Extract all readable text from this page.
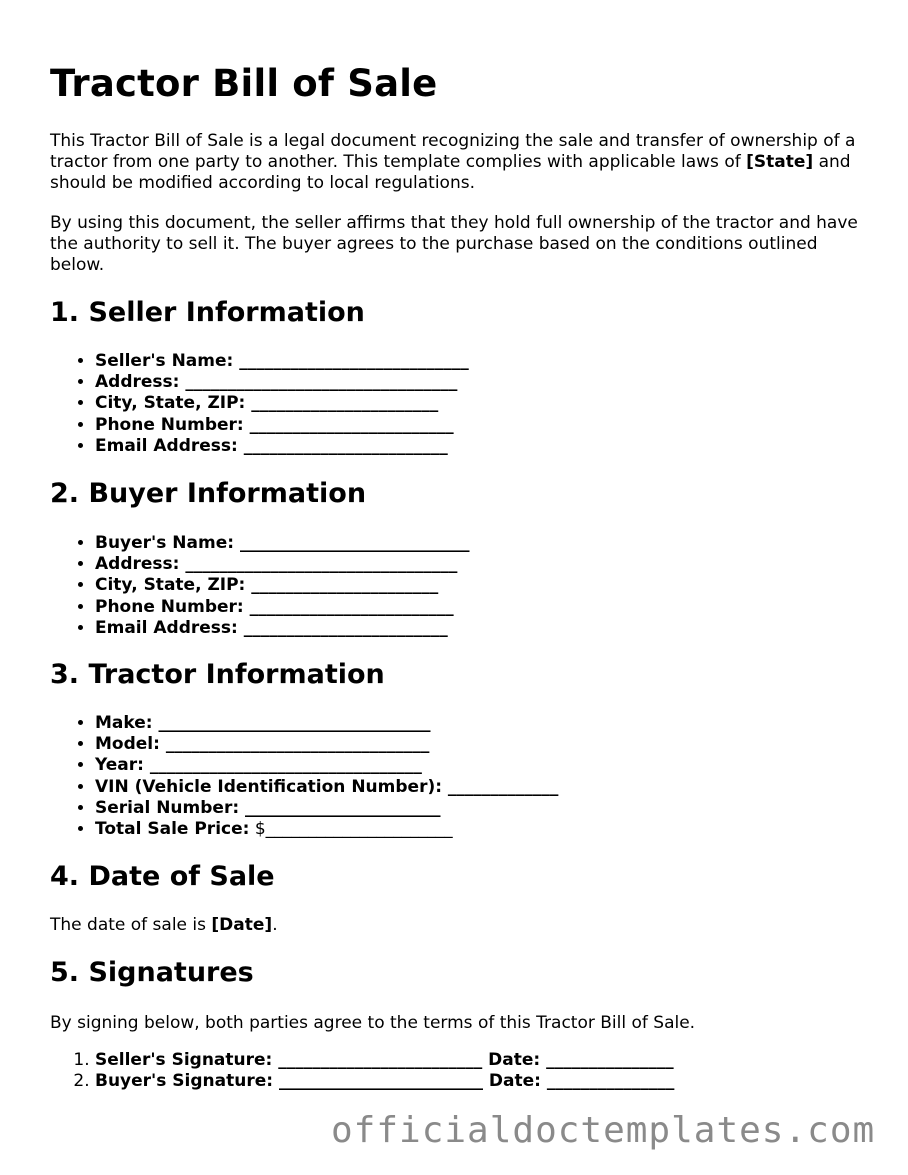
Tractor Bill of Sale

This Tractor Bill of Sale is a legal document recognizing the sale and transfer of ownership of a tractor from one party to another. This template complies with applicable laws of [State] and should be modified according to local regulations.

By using this document, the seller affirms that they hold full ownership of the tractor and have the authority to sell it. The buyer agrees to the purchase based on the conditions outlined below.

1. Seller Information
• Seller's Name: ___________________________
• Address: ________________________________
• City, State, ZIP: ______________________
• Phone Number: ________________________
• Email Address: ________________________
2. Buyer Information
• Buyer's Name: ___________________________
• Address: ________________________________
• City, State, ZIP: ______________________
• Phone Number: ________________________
• Email Address: ________________________
3. Tractor Information
• Make: ________________________________
• Model: _______________________________
• Year: ________________________________
• VIN (Vehicle Identification Number): _____________
• Serial Number: _______________________
• Total Sale Price: $______________________
4. Date of Sale

The date of sale is [Date].

5. Signatures

By signing below, both parties agree to the terms of this Tractor Bill of Sale.

1. Seller's Signature: ________________________ Date: _______________
2. Buyer's Signature: ________________________ Date: _______________
officialdoctemplates.com
